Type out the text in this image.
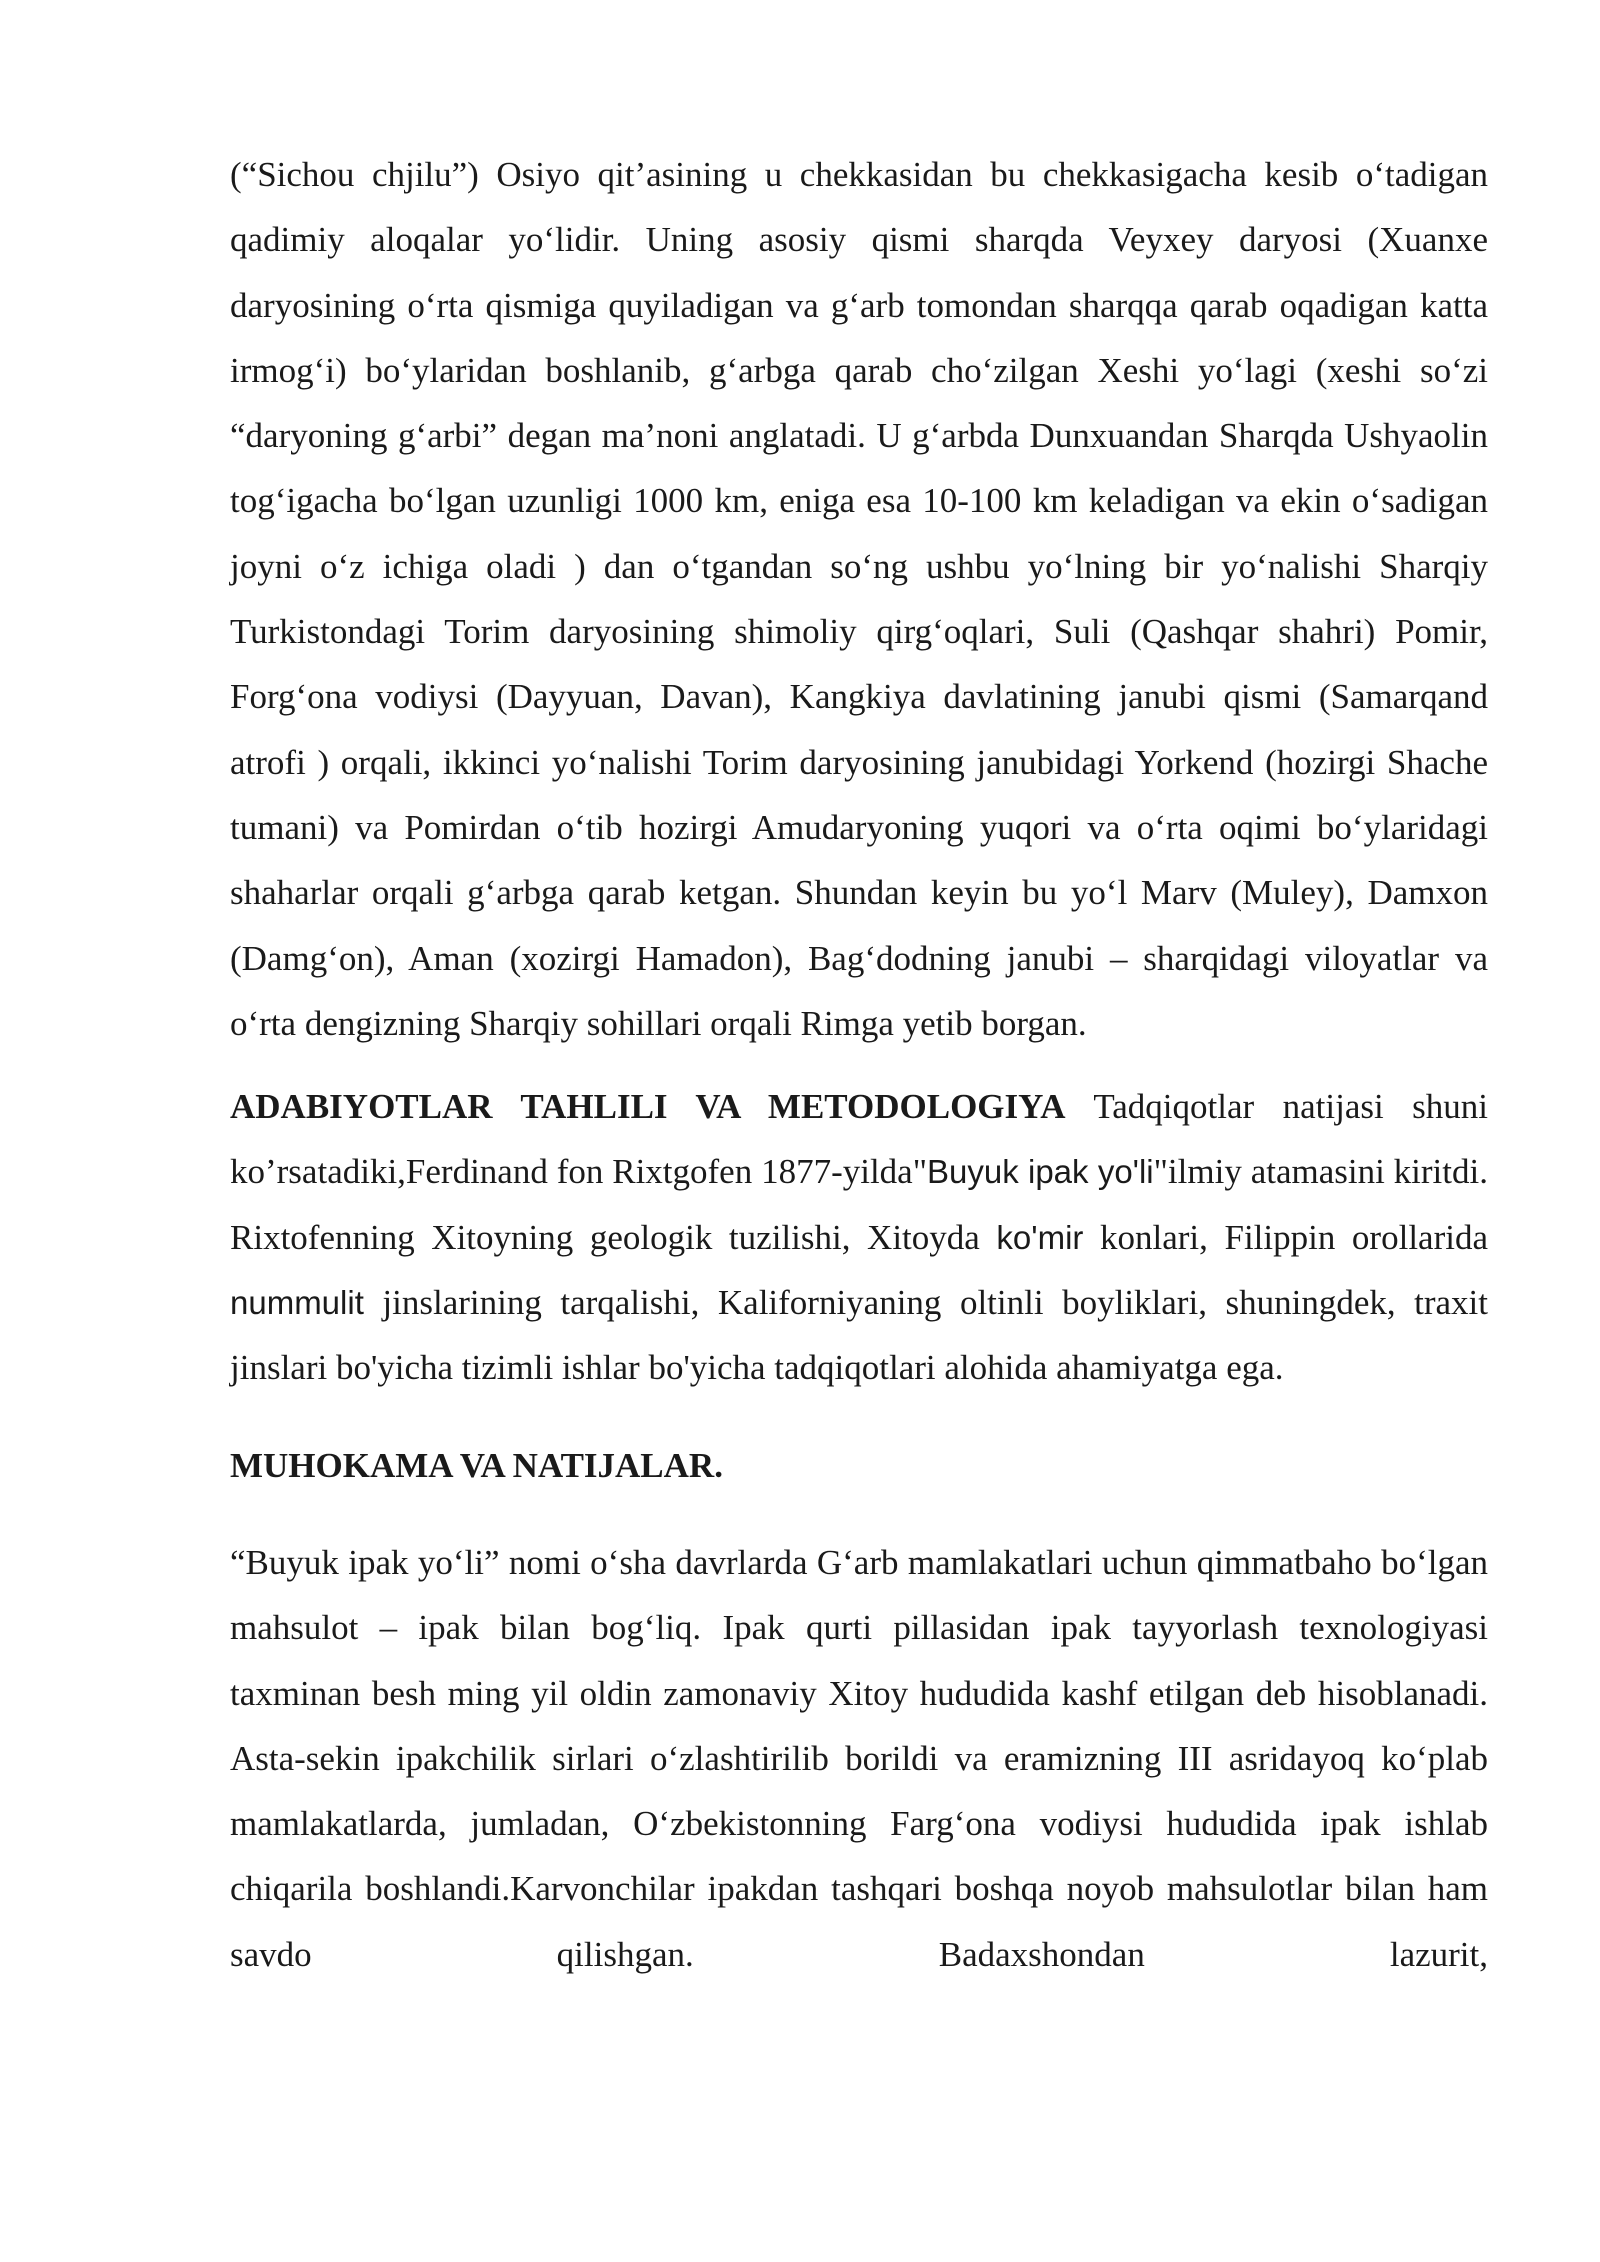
(“Sichou chjilu”) Osiyo qit’asining u chekkasidan bu chekkasigacha kesib o‘tadigan qadimiy aloqalar yo‘lidir. Uning asosiy qismi sharqda Veyxey daryosi (Xuanxe daryosining o‘rta qismiga quyiladigan va g‘arb tomondan sharqqa qarab oqadigan katta irmog‘i) bo‘ylaridan boshlanib, g‘arbga qarab cho‘zilgan Xeshi yo‘lagi (xeshi so‘zi “daryoning g‘arbi” degan ma’noni anglatadi. U g‘arbda Dunxuandan Sharqda Ushyaolin tog‘igacha bo‘lgan uzunligi 1000 km, eniga esa 10-100 km keladigan va ekin o‘sadigan joyni o‘z ichiga oladi ) dan o‘tgandan so‘ng ushbu yo‘lning bir yo‘nalishi Sharqiy Turkistondagi Torim daryosining shimoliy qirg‘oqlari, Suli (Qashqar shahri) Pomir, Forg‘ona vodiysi (Dayyuan, Davan), Kangkiya davlatining janubi qismi (Samarqand atrofi ) orqali, ikkinci yo‘nalishi Torim daryosining janubidagi Yorkend (hozirgi Shache tumani) va Pomirdan o‘tib hozirgi Amudaryoning yuqori va o‘rta oqimi bo‘ylaridagi shaharlar orqali g‘arbga qarab ketgan. Shundan keyin bu yo‘l Marv (Muley), Damxon (Damg‘on), Aman (xozirgi Hamadon), Bag‘dodning janubi – sharqidagi viloyatlar va o‘rta dengizning Sharqiy sohillari orqali Rimga yetib borgan.

ADABIYOTLAR TAHLILI VA METODOLOGIYA Tadqiqotlar natijasi shuni ko’rsatadiki,Ferdinand fon Rixtgofen 1877-yilda"Buyuk ipak yo'li"ilmiy atamasini kiritdi. Rixtofenning Xitoyning geologik tuzilishi, Xitoyda ko'mir konlari, Filippin orollarida nummulit jinslarining tarqalishi, Kaliforniyaning oltinli boyliklari, shuningdek, traxit jinslari bo'yicha tizimli ishlar bo'yicha tadqiqotlari alohida ahamiyatga ega.

MUHOKAMA VA NATIJALAR.

“Buyuk ipak yo‘li” nomi o‘sha davrlarda G‘arb mamlakatlari uchun qimmatbaho bo‘lgan mahsulot – ipak bilan bog‘liq. Ipak qurti pillasidan ipak tayyorlash texnologiyasi taxminan besh ming yil oldin zamonaviy Xitoy hududida kashf etilgan deb hisoblanadi. Asta-sekin ipakchilik sirlari o‘zlashtirilib borildi va eramizning III asridayoq ko‘plab mamlakatlarda, jumladan, O‘zbekistonning Farg‘ona vodiysi hududida ipak ishlab chiqarila boshlandi.Karvonchilar ipakdan tashqari boshqa noyob mahsulotlar bilan ham savdo qilishgan. Badaxshondan lazurit,
